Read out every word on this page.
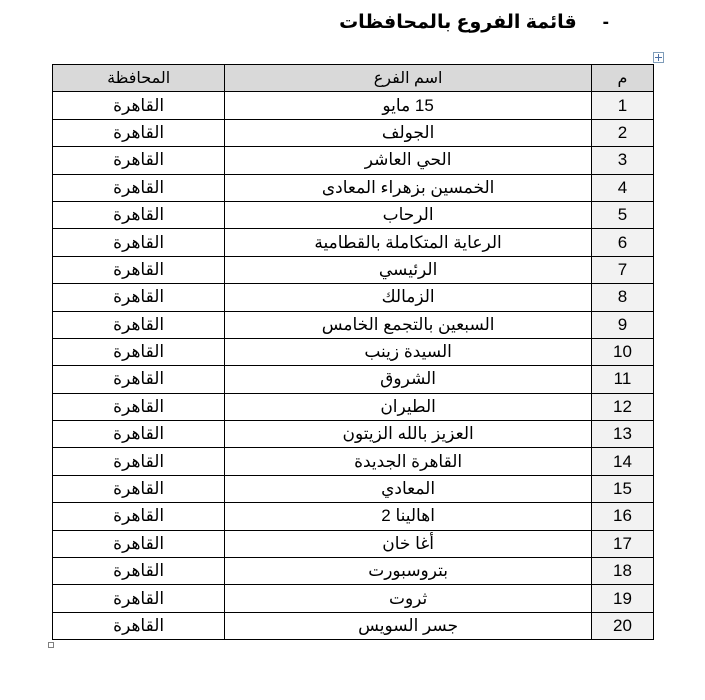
-
قائمة الفروع بالمحافظات
م	اسم الفرع	المحافظة
1	15 مايو	القاهرة
2	الجولف	القاهرة
3	الحي العاشر	القاهرة
4	الخمسين بزهراء المعادى	القاهرة
5	الرحاب	القاهرة
6	الرعاية المتكاملة بالقطامية	القاهرة
7	الرئيسي	القاهرة
8	الزمالك	القاهرة
9	السبعين بالتجمع الخامس	القاهرة
10	السيدة زينب	القاهرة
11	الشروق	القاهرة
12	الطيران	القاهرة
13	العزيز بالله الزيتون	القاهرة
14	القاهرة الجديدة	القاهرة
15	المعادي	القاهرة
16	اهالينا 2	القاهرة
17	أغا خان	القاهرة
18	بتروسبورت	القاهرة
19	ثروت	القاهرة
20	جسر السويس	القاهرة
